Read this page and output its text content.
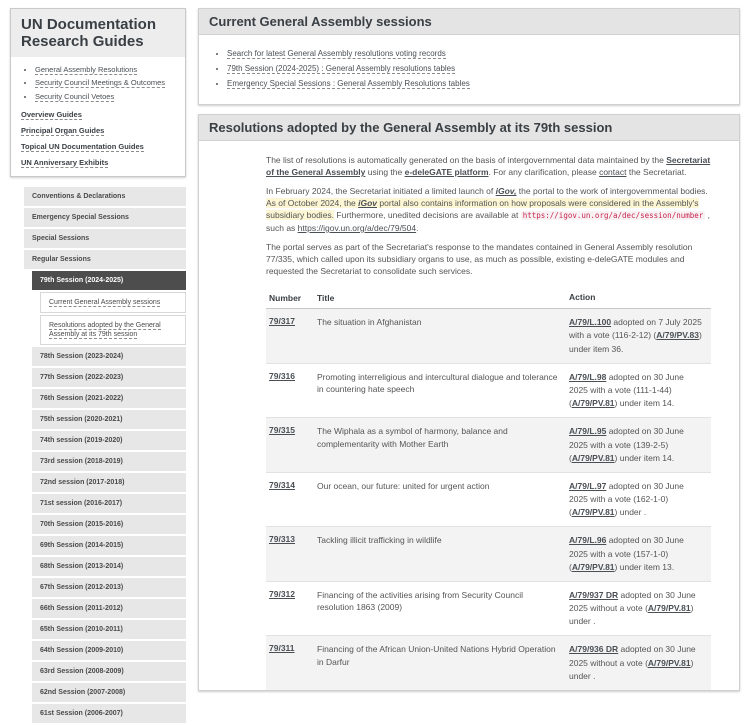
UN Documentation Research Guides
• General Assembly Resolutions
• Security Council Meetings & Outcomes
• Security Council Vetoes
Overview Guides
Principal Organ Guides
Topical UN Documentation Guides
UN Anniversary Exhibits
Conventions & Declarations
Emergency Special Sessions
Special Sessions
Regular Sessions
79th Session (2024-2025)
Current General Assembly sessions
Resolutions adopted by the General Assembly at its 79th session
78th Session (2023-2024)
77th Session (2022-2023)
76th Session (2021-2022)
75th session (2020-2021)
74th session (2019-2020)
73rd session (2018-2019)
72nd session (2017-2018)
71st session (2016-2017)
70th Session (2015-2016)
69th Session (2014-2015)
68th Session (2013-2014)
67th Session (2012-2013)
66th Session (2011-2012)
65th Session (2010-2011)
64th Session (2009-2010)
63rd Session (2008-2009)
62nd Session (2007-2008)
61st Session (2006-2007)
Current General Assembly sessions
• Search for latest General Assembly resolutions voting records
• 79th Session (2024-2025) : General Assembly resolutions tables
• Emergency Special Sessions : General Assembly Resolutions tables
Resolutions adopted by the General Assembly at its 79th session

The list of resolutions is automatically generated on the basis of intergovernmental data maintained by the Secretariat of the General Assembly using the e-deleGATE platform. For any clarification, please contact the Secretariat.

In February 2024, the Secretariat initiated a limited launch of iGov, the portal to the work of intergovernmental bodies. As of October 2024, the iGov portal also contains information on how proposals were considered in the Assembly's subsidiary bodies. Furthermore, unedited decisions are available at https://igov.un.org/a/dec/session/number , such as https://igov.un.org/a/dec/79/504.

The portal serves as part of the Secretariat's response to the mandates contained in General Assembly resolution 77/335, which called upon its subsidiary organs to use, as much as possible, existing e-deleGATE modules and requested the Secretariat to consolidate such services.

Number	Title	Action
79/317	The situation in Afghanistan	A/79/L.100 adopted on 7 July 2025 with a vote (116-2-12) (A/79/PV.83) under item 36.
79/316	Promoting interreligious and intercultural dialogue and tolerance in countering hate speech	A/79/L.98 adopted on 30 June 2025 with a vote (111-1-44) (A/79/PV.81) under item 14.
79/315	The Wiphala as a symbol of harmony, balance and complementarity with Mother Earth	A/79/L.95 adopted on 30 June 2025 with a vote (139-2-5) (A/79/PV.81) under item 14.
79/314	Our ocean, our future: united for urgent action	A/79/L.97 adopted on 30 June 2025 with a vote (162-1-0) (A/79/PV.81) under .
79/313	Tackling illicit trafficking in wildlife	A/79/L.96 adopted on 30 June 2025 with a vote (157-1-0) (A/79/PV.81) under item 13.
79/312	Financing of the activities arising from Security Council resolution 1863 (2009)	A/79/937 DR adopted on 30 June 2025 without a vote (A/79/PV.81) under .
79/311	Financing of the African Union-United Nations Hybrid Operation in Darfur	A/79/936 DR adopted on 30 June 2025 without a vote (A/79/PV.81) under .
